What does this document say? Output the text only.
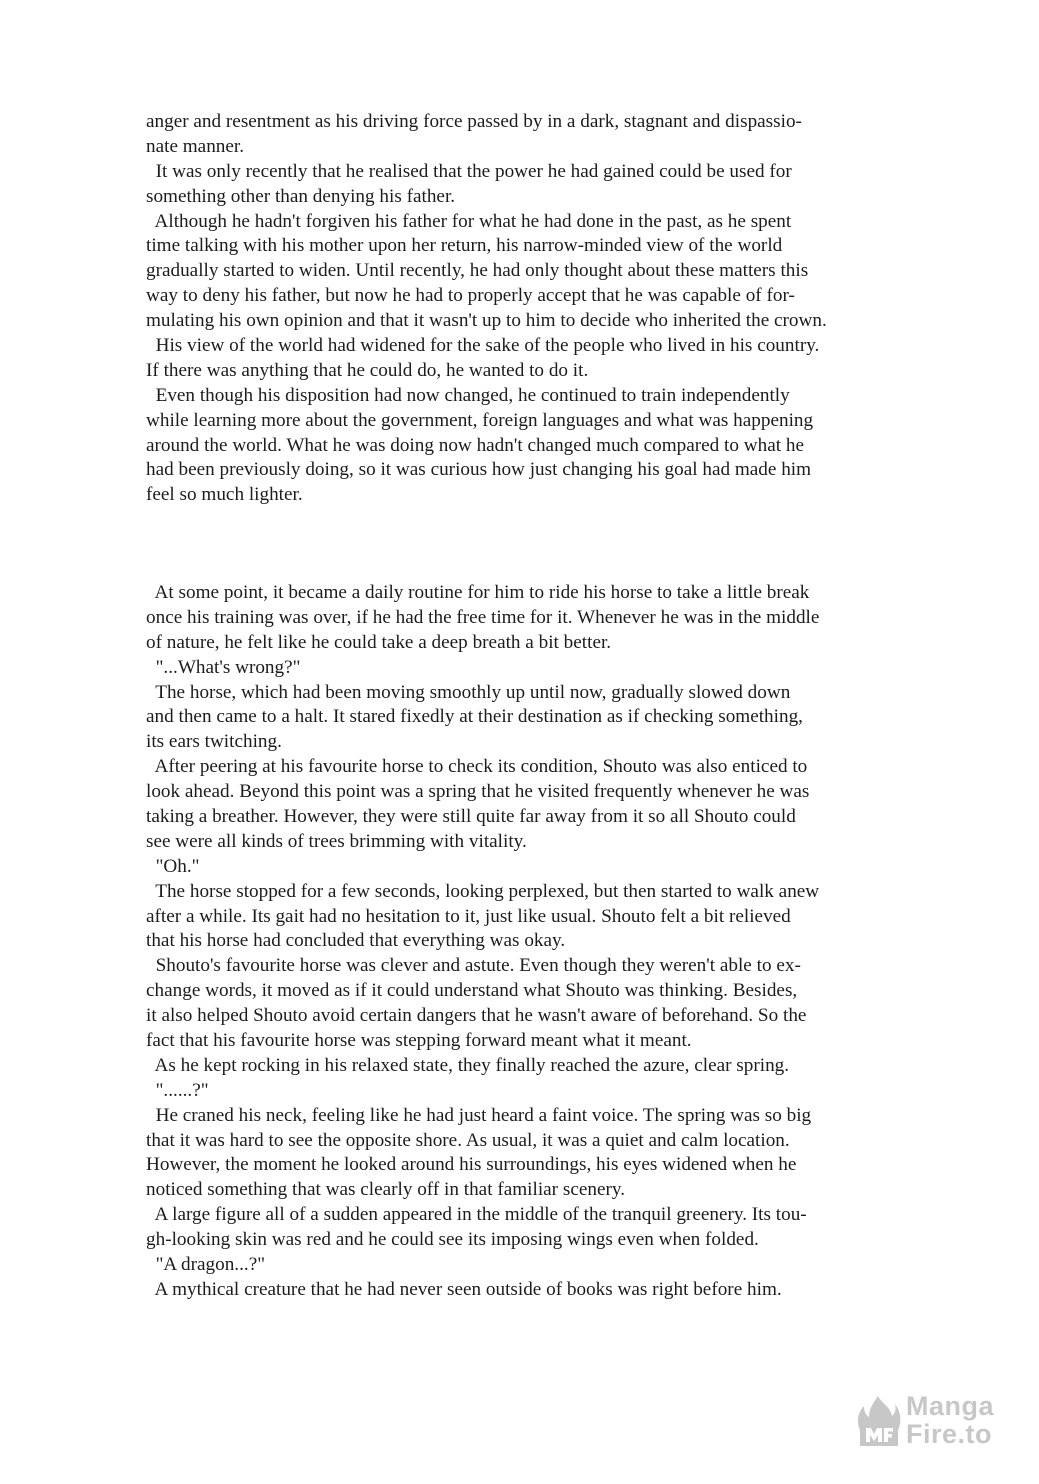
anger and resentment as his driving force passed by in a dark, stagnant and dispassio-
nate manner.
It was only recently that he realised that the power he had gained could be used for
something other than denying his father.
Although he hadn't forgiven his father for what he had done in the past, as he spent
time talking with his mother upon her return, his narrow-minded view of the world
gradually started to widen. Until recently, he had only thought about these matters this
way to deny his father, but now he had to properly accept that he was capable of for-
mulating his own opinion and that it wasn't up to him to decide who inherited the crown.
His view of the world had widened for the sake of the people who lived in his country.
If there was anything that he could do, he wanted to do it.
Even though his disposition had now changed, he continued to train independently
while learning more about the government, foreign languages and what was happening
around the world. What he was doing now hadn't changed much compared to what he
had been previously doing, so it was curious how just changing his goal had made him
feel so much lighter.
At some point, it became a daily routine for him to ride his horse to take a little break
once his training was over, if he had the free time for it. Whenever he was in the middle
of nature, he felt like he could take a deep breath a bit better.
"...What's wrong?"
The horse, which had been moving smoothly up until now, gradually slowed down
and then came to a halt. It stared fixedly at their destination as if checking something,
its ears twitching.
After peering at his favourite horse to check its condition, Shouto was also enticed to
look ahead. Beyond this point was a spring that he visited frequently whenever he was
taking a breather. However, they were still quite far away from it so all Shouto could
see were all kinds of trees brimming with vitality.
"Oh."
The horse stopped for a few seconds, looking perplexed, but then started to walk anew
after a while. Its gait had no hesitation to it, just like usual. Shouto felt a bit relieved
that his horse had concluded that everything was okay.
Shouto's favourite horse was clever and astute. Even though they weren't able to ex-
change words, it moved as if it could understand what Shouto was thinking. Besides,
it also helped Shouto avoid certain dangers that he wasn't aware of beforehand. So the
fact that his favourite horse was stepping forward meant what it meant.
As he kept rocking in his relaxed state, they finally reached the azure, clear spring.
"......?"
He craned his neck, feeling like he had just heard a faint voice. The spring was so big
that it was hard to see the opposite shore. As usual, it was a quiet and calm location.
However, the moment he looked around his surroundings, his eyes widened when he
noticed something that was clearly off in that familiar scenery.
A large figure all of a sudden appeared in the middle of the tranquil greenery. Its tou-
gh-looking skin was red and he could see its imposing wings even when folded.
"A dragon...?"
A mythical creature that he had never seen outside of books was right before him.
Manga
Fire.to
